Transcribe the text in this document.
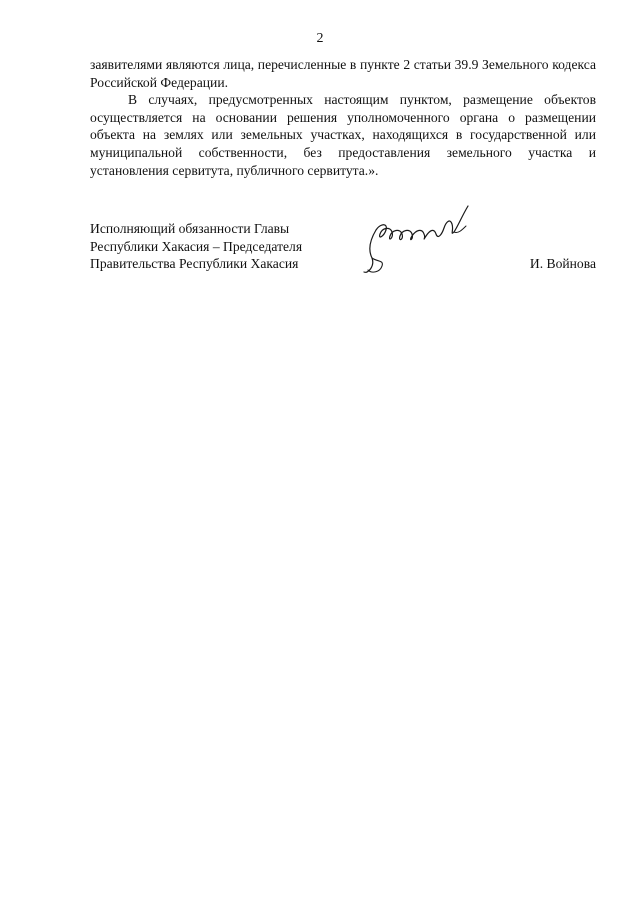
2

заявителями являются лица, перечисленные в пункте 2 статьи 39.9 Земельного кодекса Российской Федерации.

В случаях, предусмотренных настоящим пунктом, размещение объектов осуществляется на основании решения уполномоченного органа о размещении объекта на землях или земельных участках, находящихся в государственной или муниципальной собственности, без предоставления земельного участка и установления сервитута, публичного сервитута.».

Исполняющий обязанности Главы
Республики Хакасия – Председателя
Правительства Республики Хакасия	И. Войнова
